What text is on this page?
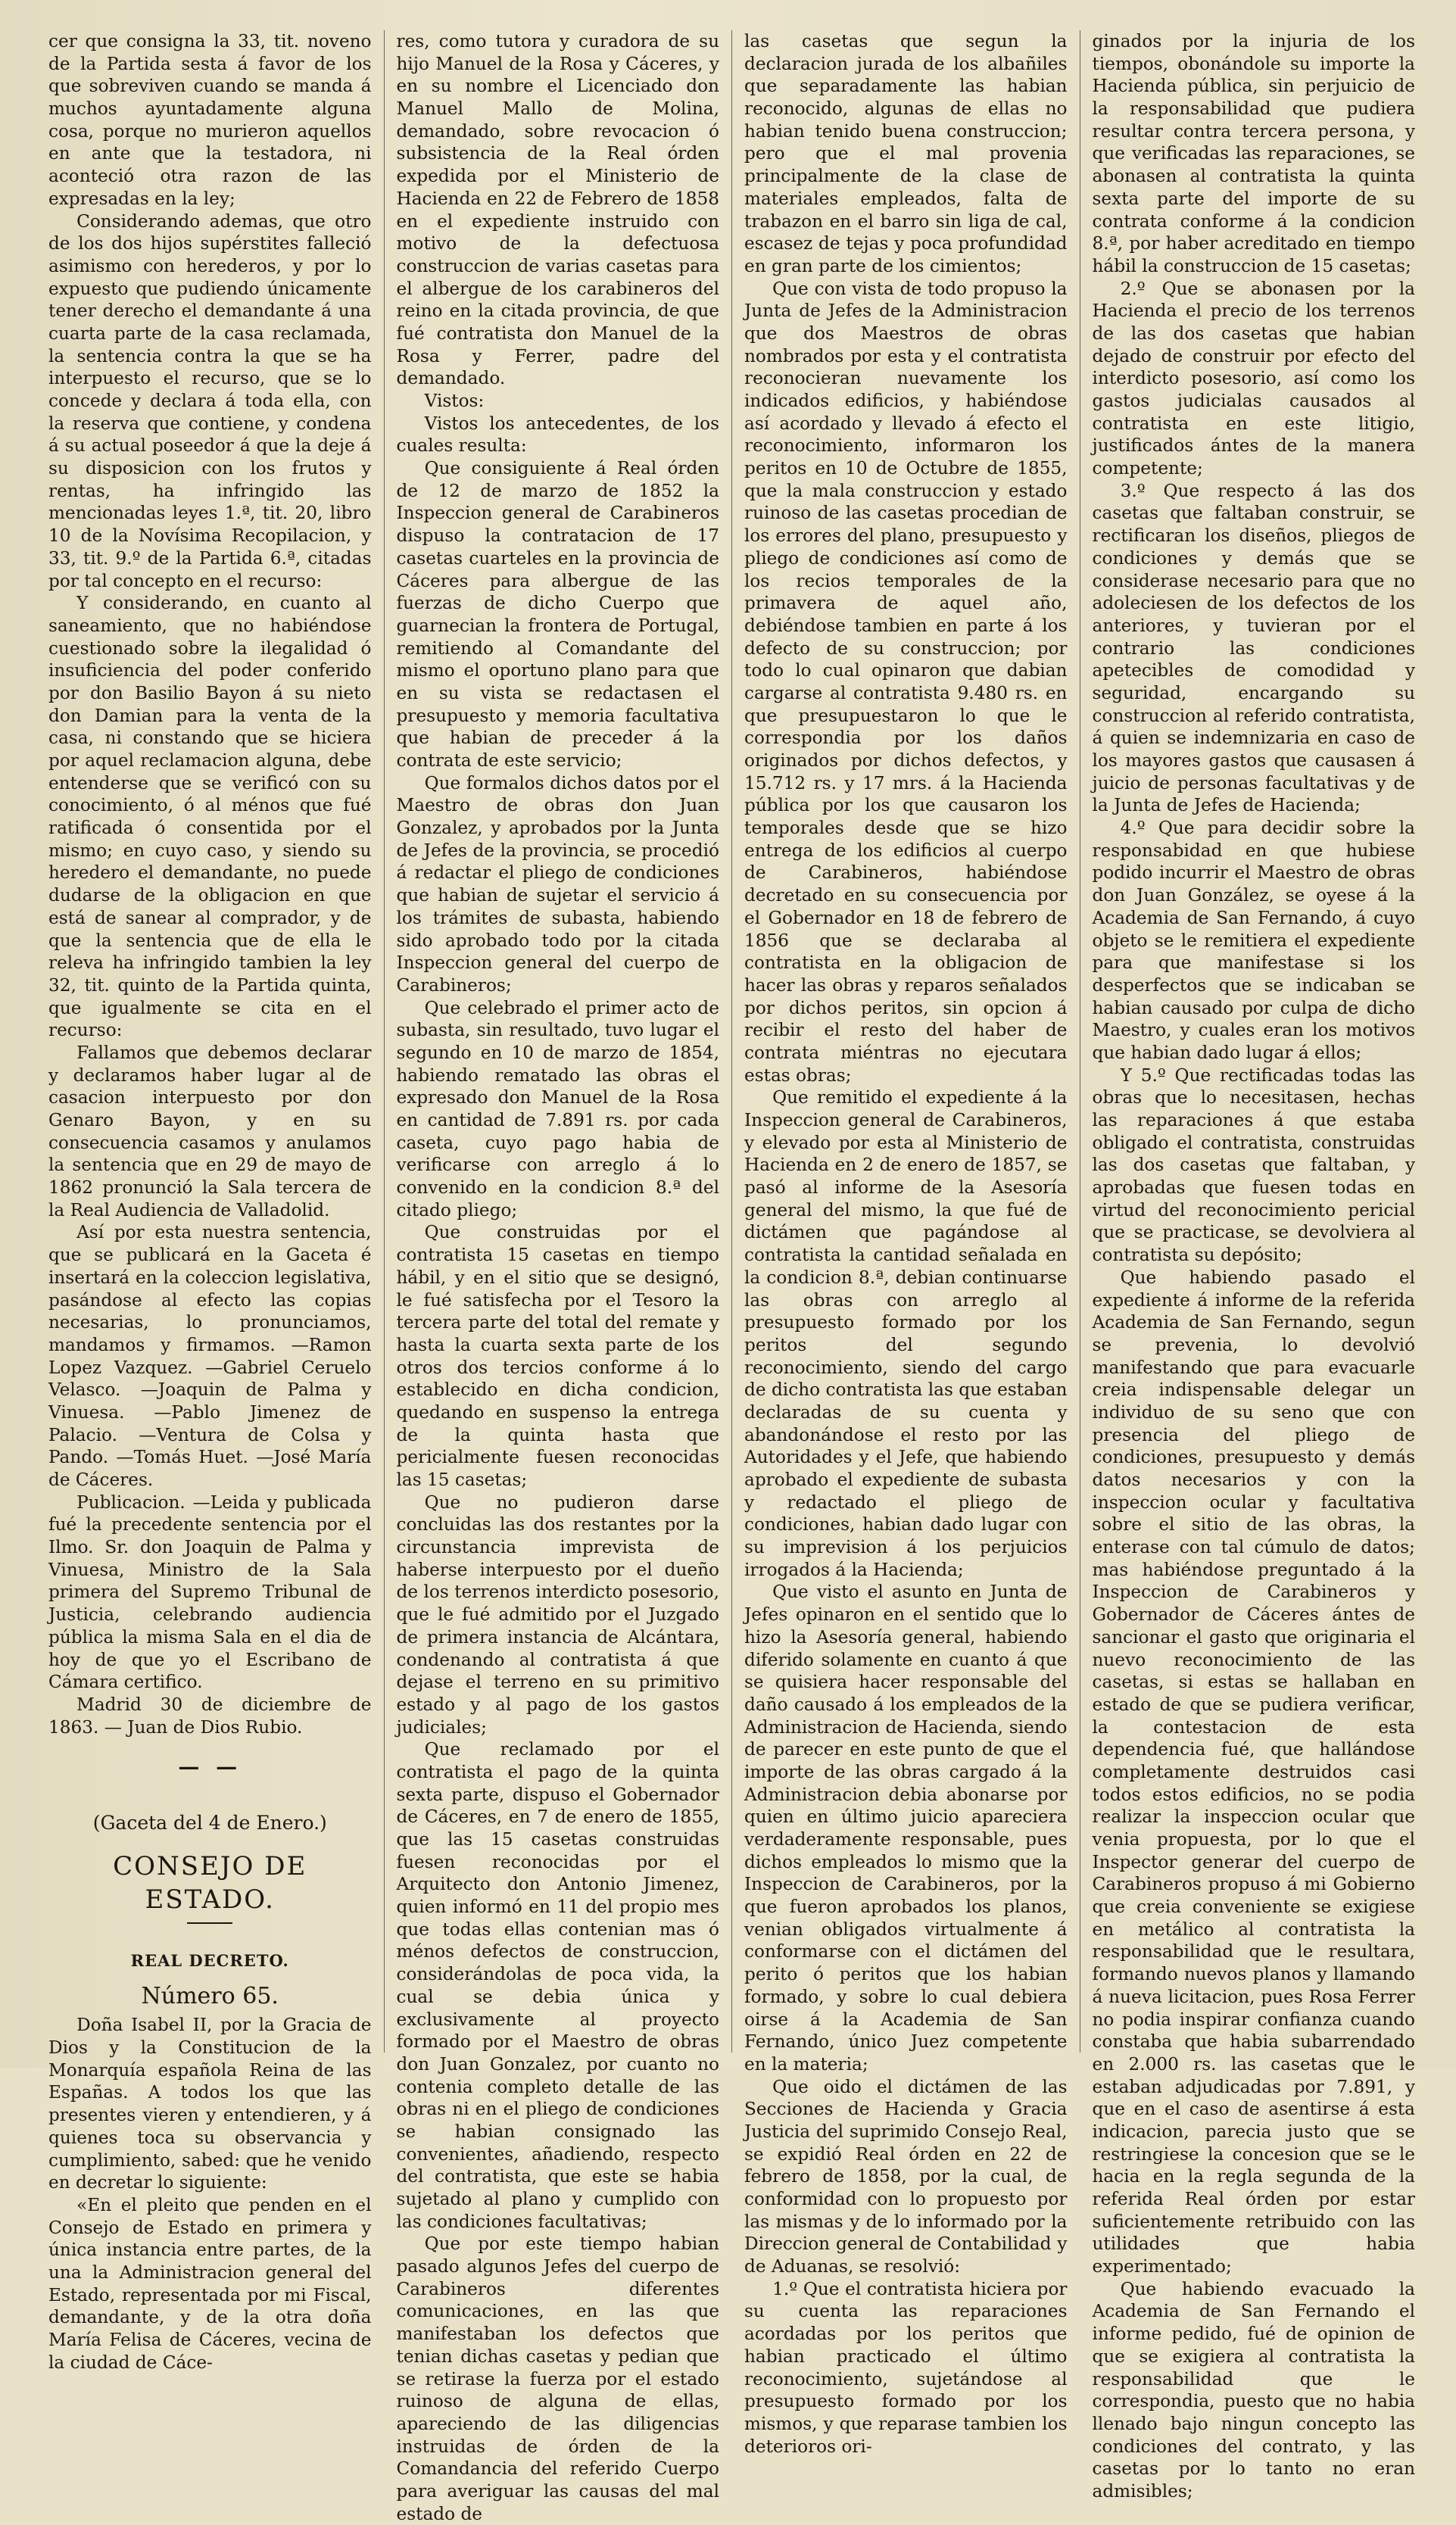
cer que consigna la 33, tit. noveno de la Partida sesta á favor de los que sobreviven cuando se manda á muchos ayuntadamente alguna cosa, porque no murieron aquellos en ante que la testadora, ni aconteció otra razon de las expresadas en la ley;

Considerando ademas, que otro de los dos hijos supérstites falleció asimismo con herederos, y por lo expuesto que pudiendo únicamente tener derecho el demandante á una cuarta parte de la casa reclamada, la sentencia contra la que se ha interpuesto el recurso, que se lo concede y declara á toda ella, con la reserva que contiene, y condena á su actual poseedor á que la deje á su disposicion con los frutos y rentas, ha infringido las mencionadas leyes 1.ª, tit. 20, libro 10 de la Novísima Recopilacion, y 33, tit. 9.º de la Partida 6.ª, citadas por tal concepto en el recurso:

Y considerando, en cuanto al saneamiento, que no habiéndose cuestionado sobre la ilegalidad ó insuficiencia del poder conferido por don Basilio Bayon á su nieto don Damian para la venta de la casa, ni constando que se hiciera por aquel reclamacion alguna, debe entenderse que se verificó con su conocimiento, ó al ménos que fué ratificada ó consentida por el mismo; en cuyo caso, y siendo su heredero el demandante, no puede dudarse de la obligacion en que está de sanear al comprador, y de que la sentencia que de ella le releva ha infringido tambien la ley 32, tit. quinto de la Partida quinta, que igualmente se cita en el recurso:

Fallamos que debemos declarar y declaramos haber lugar al de casacion interpuesto por don Genaro Bayon, y en su consecuencia casamos y anulamos la sentencia que en 29 de mayo de 1862 pronunció la Sala tercera de la Real Audiencia de Valladolid.

Así por esta nuestra sentencia, que se publicará en la Gaceta é insertará en la coleccion legislativa, pasándose al efecto las copias necesarias, lo pronunciamos, mandamos y firmamos. —Ramon Lopez Vazquez. —Gabriel Ceruelo Velasco. —Joaquin de Palma y Vinuesa. —Pablo Jimenez de Palacio. —Ventura de Colsa y Pando. —Tomás Huet. —José María de Cáceres.

Publicacion. —Leida y publicada fué la precedente sentencia por el Ilmo. Sr. don Joaquin de Palma y Vinuesa, Ministro de la Sala primera del Supremo Tribunal de Justicia, celebrando audiencia pública la misma Sala en el dia de hoy de que yo el Escribano de Cámara certifico.

Madrid 30 de diciembre de 1863. — Juan de Dios Rubio.

— —

(Gaceta del 4 de Enero.)

CONSEJO DE ESTADO.

REAL DECRETO.

Número 65.

Doña Isabel II, por la Gracia de Dios y la Constitucion de la Monarquía española Reina de las Españas. A todos los que las presentes vieren y entendieren, y á quienes toca su observancia y cumplimiento, sabed: que he venido en decretar lo siguiente:

«En el pleito que penden en el Consejo de Estado en primera y única instancia entre partes, de la una la Administracion general del Estado, representada por mi Fiscal, demandante, y de la otra doña María Felisa de Cáceres, vecina de la ciudad de Cáce-

res, como tutora y curadora de su hijo Manuel de la Rosa y Cáceres, y en su nombre el Licenciado don Manuel Mallo de Molina, demandado, sobre revocacion ó subsistencia de la Real órden expedida por el Ministerio de Hacienda en 22 de Febrero de 1858 en el expediente instruido con motivo de la defectuosa construccion de varias casetas para el albergue de los carabineros del reino en la citada provincia, de que fué contratista don Manuel de la Rosa y Ferrer, padre del demandado.

Vistos:

Vistos los antecedentes, de los cuales resulta:

Que consiguiente á Real órden de 12 de marzo de 1852 la Inspeccion general de Carabineros dispuso la contratacion de 17 casetas cuarteles en la provincia de Cáceres para albergue de las fuerzas de dicho Cuerpo que guarnecian la frontera de Portugal, remitiendo al Comandante del mismo el oportuno plano para que en su vista se redactasen el presupuesto y memoria facultativa que habian de preceder á la contrata de este servicio;

Que formalos dichos datos por el Maestro de obras don Juan Gonzalez, y aprobados por la Junta de Jefes de la provincia, se procedió á redactar el pliego de condiciones que habian de sujetar el servicio á los trámites de subasta, habiendo sido aprobado todo por la citada Inspeccion general del cuerpo de Carabineros;

Que celebrado el primer acto de subasta, sin resultado, tuvo lugar el segundo en 10 de marzo de 1854, habiendo rematado las obras el expresado don Manuel de la Rosa en cantidad de 7.891 rs. por cada caseta, cuyo pago habia de verificarse con arreglo á lo convenido en la condicion 8.ª del citado pliego;

Que construidas por el contratista 15 casetas en tiempo hábil, y en el sitio que se designó, le fué satisfecha por el Tesoro la tercera parte del total del remate y hasta la cuarta sexta parte de los otros dos tercios conforme á lo establecido en dicha condicion, quedando en suspenso la entrega de la quinta hasta que pericialmente fuesen reconocidas las 15 casetas;

Que no pudieron darse concluidas las dos restantes por la circunstancia imprevista de haberse interpuesto por el dueño de los terrenos interdicto posesorio, que le fué admitido por el Juzgado de primera instancia de Alcántara, condenando al contratista á que dejase el terreno en su primitivo estado y al pago de los gastos judiciales;

Que reclamado por el contratista el pago de la quinta sexta parte, dispuso el Gobernador de Cáceres, en 7 de enero de 1855, que las 15 casetas construidas fuesen reconocidas por el Arquitecto don Antonio Jimenez, quien informó en 11 del propio mes que todas ellas contenian mas ó ménos defectos de construccion, considerándolas de poca vida, la cual se debia única y exclusivamente al proyecto formado por el Maestro de obras don Juan Gonzalez, por cuanto no contenia completo detalle de las obras ni en el pliego de condiciones se habian consignado las convenientes, añadiendo, respecto del contratista, que este se habia sujetado al plano y cumplido con las condiciones facultativas;

Que por este tiempo habian pasado algunos Jefes del cuerpo de Carabineros diferentes comunicaciones, en las que manifestaban los defectos que tenian dichas casetas y pedian que se retirase la fuerza por el estado ruinoso de alguna de ellas, apareciendo de las diligencias instruidas de órden de la Comandancia del referido Cuerpo para averiguar las causas del mal estado de

las casetas que segun la declaracion jurada de los albañiles que separadamente las habian reconocido, algunas de ellas no habian tenido buena construccion; pero que el mal provenia principalmente de la clase de materiales empleados, falta de trabazon en el barro sin liga de cal, escasez de tejas y poca profundidad en gran parte de los cimientos;

Que con vista de todo propuso la Junta de Jefes de la Administracion que dos Maestros de obras nombrados por esta y el contratista reconocieran nuevamente los indicados edificios, y habiéndose así acordado y llevado á efecto el reconocimiento, informaron los peritos en 10 de Octubre de 1855, que la mala construccion y estado ruinoso de las casetas procedian de los errores del plano, presupuesto y pliego de condiciones así como de los recios temporales de la primavera de aquel año, debiéndose tambien en parte á los defecto de su construccion; por todo lo cual opinaron que dabian cargarse al contratista 9.480 rs. en que presupuestaron lo que le correspondia por los daños originados por dichos defectos, y 15.712 rs. y 17 mrs. á la Hacienda pública por los que causaron los temporales desde que se hizo entrega de los edificios al cuerpo de Carabineros, habiéndose decretado en su consecuencia por el Gobernador en 18 de febrero de 1856 que se declaraba al contratista en la obligacion de hacer las obras y reparos señalados por dichos peritos, sin opcion á recibir el resto del haber de contrata miéntras no ejecutara estas obras;

Que remitido el expediente á la Inspeccion general de Carabineros, y elevado por esta al Ministerio de Hacienda en 2 de enero de 1857, se pasó al informe de la Asesoría general del mismo, la que fué de dictámen que pagándose al contratista la cantidad señalada en la condicion 8.ª, debian continuarse las obras con arreglo al presupuesto formado por los peritos del segundo reconocimiento, siendo del cargo de dicho contratista las que estaban declaradas de su cuenta y abandonándose el resto por las Autoridades y el Jefe, que habiendo aprobado el expediente de subasta y redactado el pliego de condiciones, habian dado lugar con su imprevision á los perjuicios irrogados á la Hacienda;

Que visto el asunto en Junta de Jefes opinaron en el sentido que lo hizo la Asesoría general, habiendo diferido solamente en cuanto á que se quisiera hacer responsable del daño causado á los empleados de la Administracion de Hacienda, siendo de parecer en este punto de que el importe de las obras cargado á la Administracion debia abonarse por quien en último juicio apareciera verdaderamente responsable, pues dichos empleados lo mismo que la Inspeccion de Carabineros, por la que fueron aprobados los planos, venian obligados virtualmente á conformarse con el dictámen del perito ó peritos que los habian formado, y sobre lo cual debiera oirse á la Academia de San Fernando, único Juez competente en la materia;

Que oido el dictámen de las Secciones de Hacienda y Gracia Justicia del suprimido Consejo Real, se expidió Real órden en 22 de febrero de 1858, por la cual, de conformidad con lo propuesto por las mismas y de lo informado por la Direccion general de Contabilidad y de Aduanas, se resolvió:

1.º Que el contratista hiciera por su cuenta las reparaciones acordadas por los peritos que habian practicado el último reconocimiento, sujetándose al presupuesto formado por los mismos, y que reparase tambien los deterioros ori-

ginados por la injuria de los tiempos, obonándole su importe la Hacienda pública, sin perjuicio de la responsabilidad que pudiera resultar contra tercera persona, y que verificadas las reparaciones, se abonasen al contratista la quinta sexta parte del importe de su contrata conforme á la condicion 8.ª, por haber acreditado en tiempo hábil la construccion de 15 casetas;

2.º Que se abonasen por la Hacienda el precio de los terrenos de las dos casetas que habian dejado de construir por efecto del interdicto posesorio, así como los gastos judicialas causados al contratista en este litigio, justificados ántes de la manera competente;

3.º Que respecto á las dos casetas que faltaban construir, se rectificaran los diseños, pliegos de condiciones y demás que se considerase necesario para que no adoleciesen de los defectos de los anteriores, y tuvieran por el contrario las condiciones apetecibles de comodidad y seguridad, encargando su construccion al referido contratista, á quien se indemnizaria en caso de los mayores gastos que causasen á juicio de personas facultativas y de la Junta de Jefes de Hacienda;

4.º Que para decidir sobre la responsabidad en que hubiese podido incurrir el Maestro de obras don Juan González, se oyese á la Academia de San Fernando, á cuyo objeto se le remitiera el expediente para que manifestase si los desperfectos que se indicaban se habian causado por culpa de dicho Maestro, y cuales eran los motivos que habian dado lugar á ellos;

Y 5.º Que rectificadas todas las obras que lo necesitasen, hechas las reparaciones á que estaba obligado el contratista, construidas las dos casetas que faltaban, y aprobadas que fuesen todas en virtud del reconocimiento pericial que se practicase, se devolviera al contratista su depósito;

Que habiendo pasado el expediente á informe de la referida Academia de San Fernando, segun se prevenia, lo devolvió manifestando que para evacuarle creia indispensable delegar un individuo de su seno que con presencia del pliego de condiciones, presupuesto y demás datos necesarios y con la inspeccion ocular y facultativa sobre el sitio de las obras, la enterase con tal cúmulo de datos; mas habiéndose preguntado á la Inspeccion de Carabineros y Gobernador de Cáceres ántes de sancionar el gasto que originaria el nuevo reconocimiento de las casetas, si estas se hallaban en estado de que se pudiera verificar, la contestacion de esta dependencia fué, que hallándose completamente destruidos casi todos estos edificios, no se podia realizar la inspeccion ocular que venia propuesta, por lo que el Inspector generar del cuerpo de Carabineros propuso á mi Gobierno que creia conveniente se exigiese en metálico al contratista la responsabilidad que le resultara, formando nuevos planos y llamando á nueva licitacion, pues Rosa Ferrer no podia inspirar confianza cuando constaba que habia subarrendado en 2.000 rs. las casetas que le estaban adjudicadas por 7.891, y que en el caso de asentirse á esta indicacion, parecia justo que se restringiese la concesion que se le hacia en la regla segunda de la referida Real órden por estar suficientemente retribuido con las utilidades que habia experimentado;

Que habiendo evacuado la Academia de San Fernando el informe pedido, fué de opinion de que se exigiera al contratista la responsabilidad que le correspondia, puesto que no habia llenado bajo ningun concepto las condiciones del contrato, y las casetas por lo tanto no eran admisibles;
